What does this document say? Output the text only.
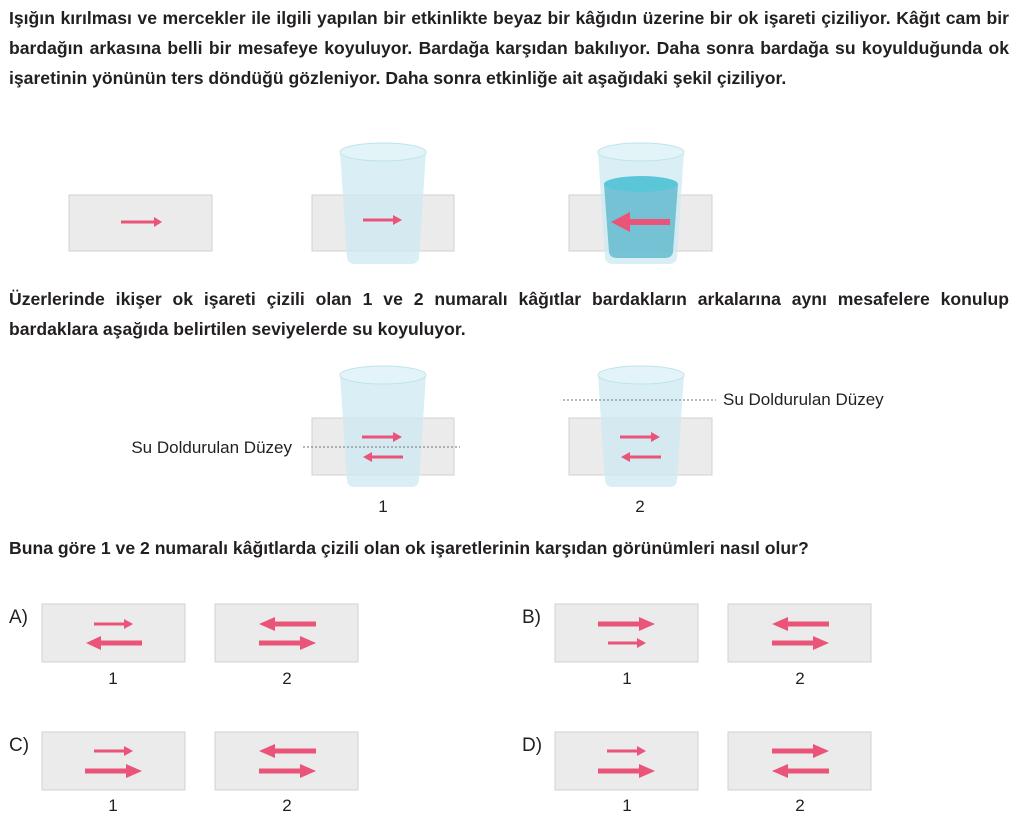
Işığın kırılması ve mercekler ile ilgili yapılan bir etkinlikte beyaz bir kâğıdın üzerine bir ok işareti çiziliyor. Kâğıt cam bir bardağın arkasına belli bir mesafeye koyuluyor. Bardağa karşıdan bakılıyor. Daha sonra bardağa su koyulduğunda ok işaretinin yönünün ters döndüğü gözleniyor. Daha sonra etkinliğe ait aşağıdaki şekil çiziliyor.

Su Doldurulan Düzey
Su Doldurulan Düzey
1	2
A)
1	2
B)
1	2
C)
1	2
D)
1	2

Üzerlerinde ikişer ok işareti çizili olan 1 ve 2 numaralı kâğıtlar bardakların arkalarına aynı mesafelere konulup bardaklara aşağıda belirtilen seviyelerde su koyuluyor.

Buna göre 1 ve 2 numaralı kâğıtlarda çizili olan ok işaretlerinin karşıdan görünümleri nasıl olur?
